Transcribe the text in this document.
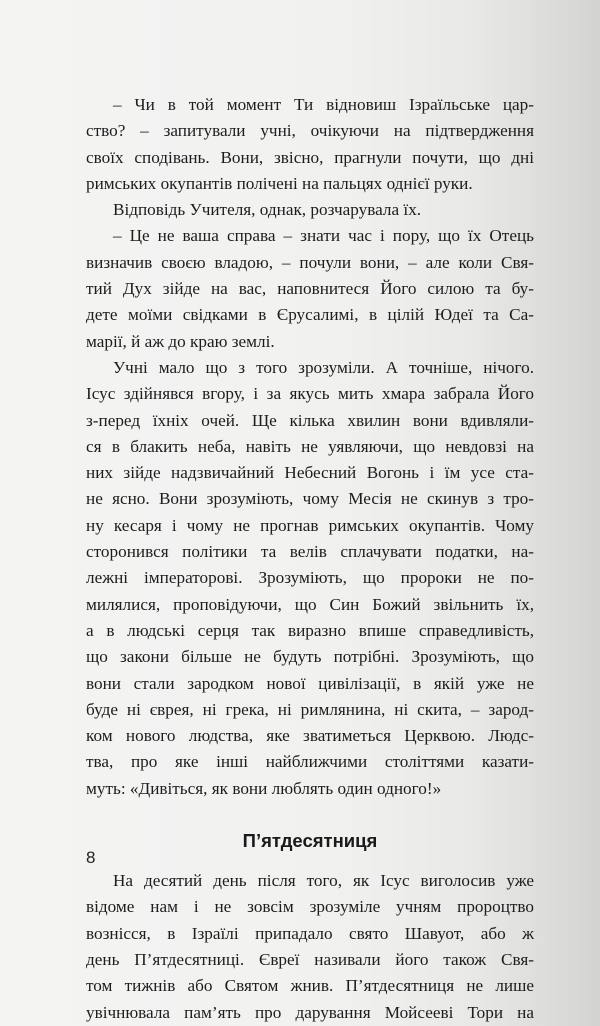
– Чи в той момент Ти відновиш Ізраїльське цар-
ство? – запитували учні, очікуючи на підтвердження
своїх сподівань. Вони, звісно, прагнули почути, що дні
римських окупантів полічені на пальцях однієї руки.
Відповідь Учителя, однак, розчарувала їх.
– Це не ваша справа – знати час і пору, що їх Отець
визначив своєю владою, – почули вони, – але коли Свя-
тий Дух зійде на вас, наповнитеся Його силою та бу-
дете моїми свідками в Єрусалимі, в цілій Юдеї та Са-
марії, й аж до краю землі.
Учні мало що з того зрозуміли. А точніше, нічого.
Ісус здійнявся вгору, і за якусь мить хмара забрала Його
з-перед їхніх очей. Ще кілька хвилин вони вдивляли-
ся в блакить неба, навіть не уявляючи, що невдовзі на
них зійде надзвичайний Небесний Вогонь і їм усе ста-
не ясно. Вони зрозуміють, чому Месія не скинув з тро-
ну кесаря і чому не прогнав римських окупантів. Чому
сторонився політики та велів сплачувати податки, на-
лежні імператорові. Зрозуміють, що пророки не по-
милялися, проповідуючи, що Син Божий звільнить їх,
а в людські серця так виразно впише справедливість,
що закони більше не будуть потрібні. Зрозуміють, що
вони стали зародком нової цивілізації, в якій уже не
буде ні єврея, ні грека, ні римлянина, ні скита, – зарод-
ком нового людства, яке зватиметься Церквою. Людс-
тва, про яке інші найближчими століттями казати-
муть: «Дивіться, як вони люблять один одного!»
П’ятдесятниця
На десятий день після того, як Ісус виголосив уже
відоме нам і не зовсім зрозуміле учням пророцтво
вознісся, в Ізраїлі припадало свято Шавуот, або ж
день П’ятдесятниці. Євреї називали його також Свя-
том тижнів або Святом жнив. П’ятдесятниця не лише
увічнювала пам’ять про дарування Мойсееві Тори на
8
